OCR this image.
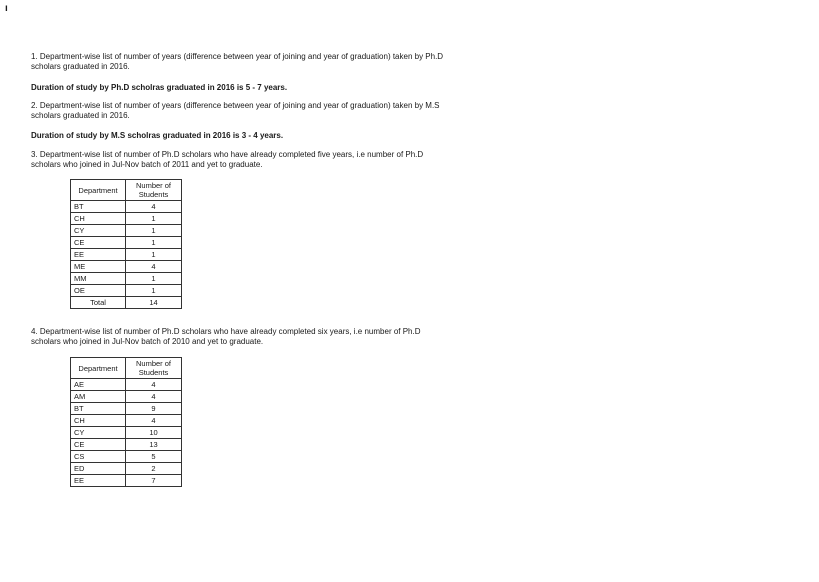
ı

1. Department-wise list of number of years (difference between year of joining and year of graduation) taken by Ph.D scholars graduated in 2016.

Duration of study by Ph.D scholras graduated in 2016 is 5 - 7 years.

2. Department-wise list of number of years (difference between year of joining and year of graduation) taken by M.S scholars graduated in 2016.

Duration of study by M.S scholras graduated in 2016 is 3 - 4 years.

3. Department-wise list of number of Ph.D scholars who have already completed five years, i.e number of Ph.D scholars who joined in Jul-Nov batch of 2011 and yet to graduate.

Department	Number of Students
BT	4
CH	1
CY	1
CE	1
EE	1
ME	4
MM	1
OE	1
Total	14

4. Department-wise list of number of Ph.D scholars who have already completed six years, i.e number of Ph.D scholars who joined in Jul-Nov batch of 2010 and yet to graduate.

Department	Number of Students
AE	4
AM	4
BT	9
CH	4
CY	10
CE	13
CS	5
ED	2
EE	7
